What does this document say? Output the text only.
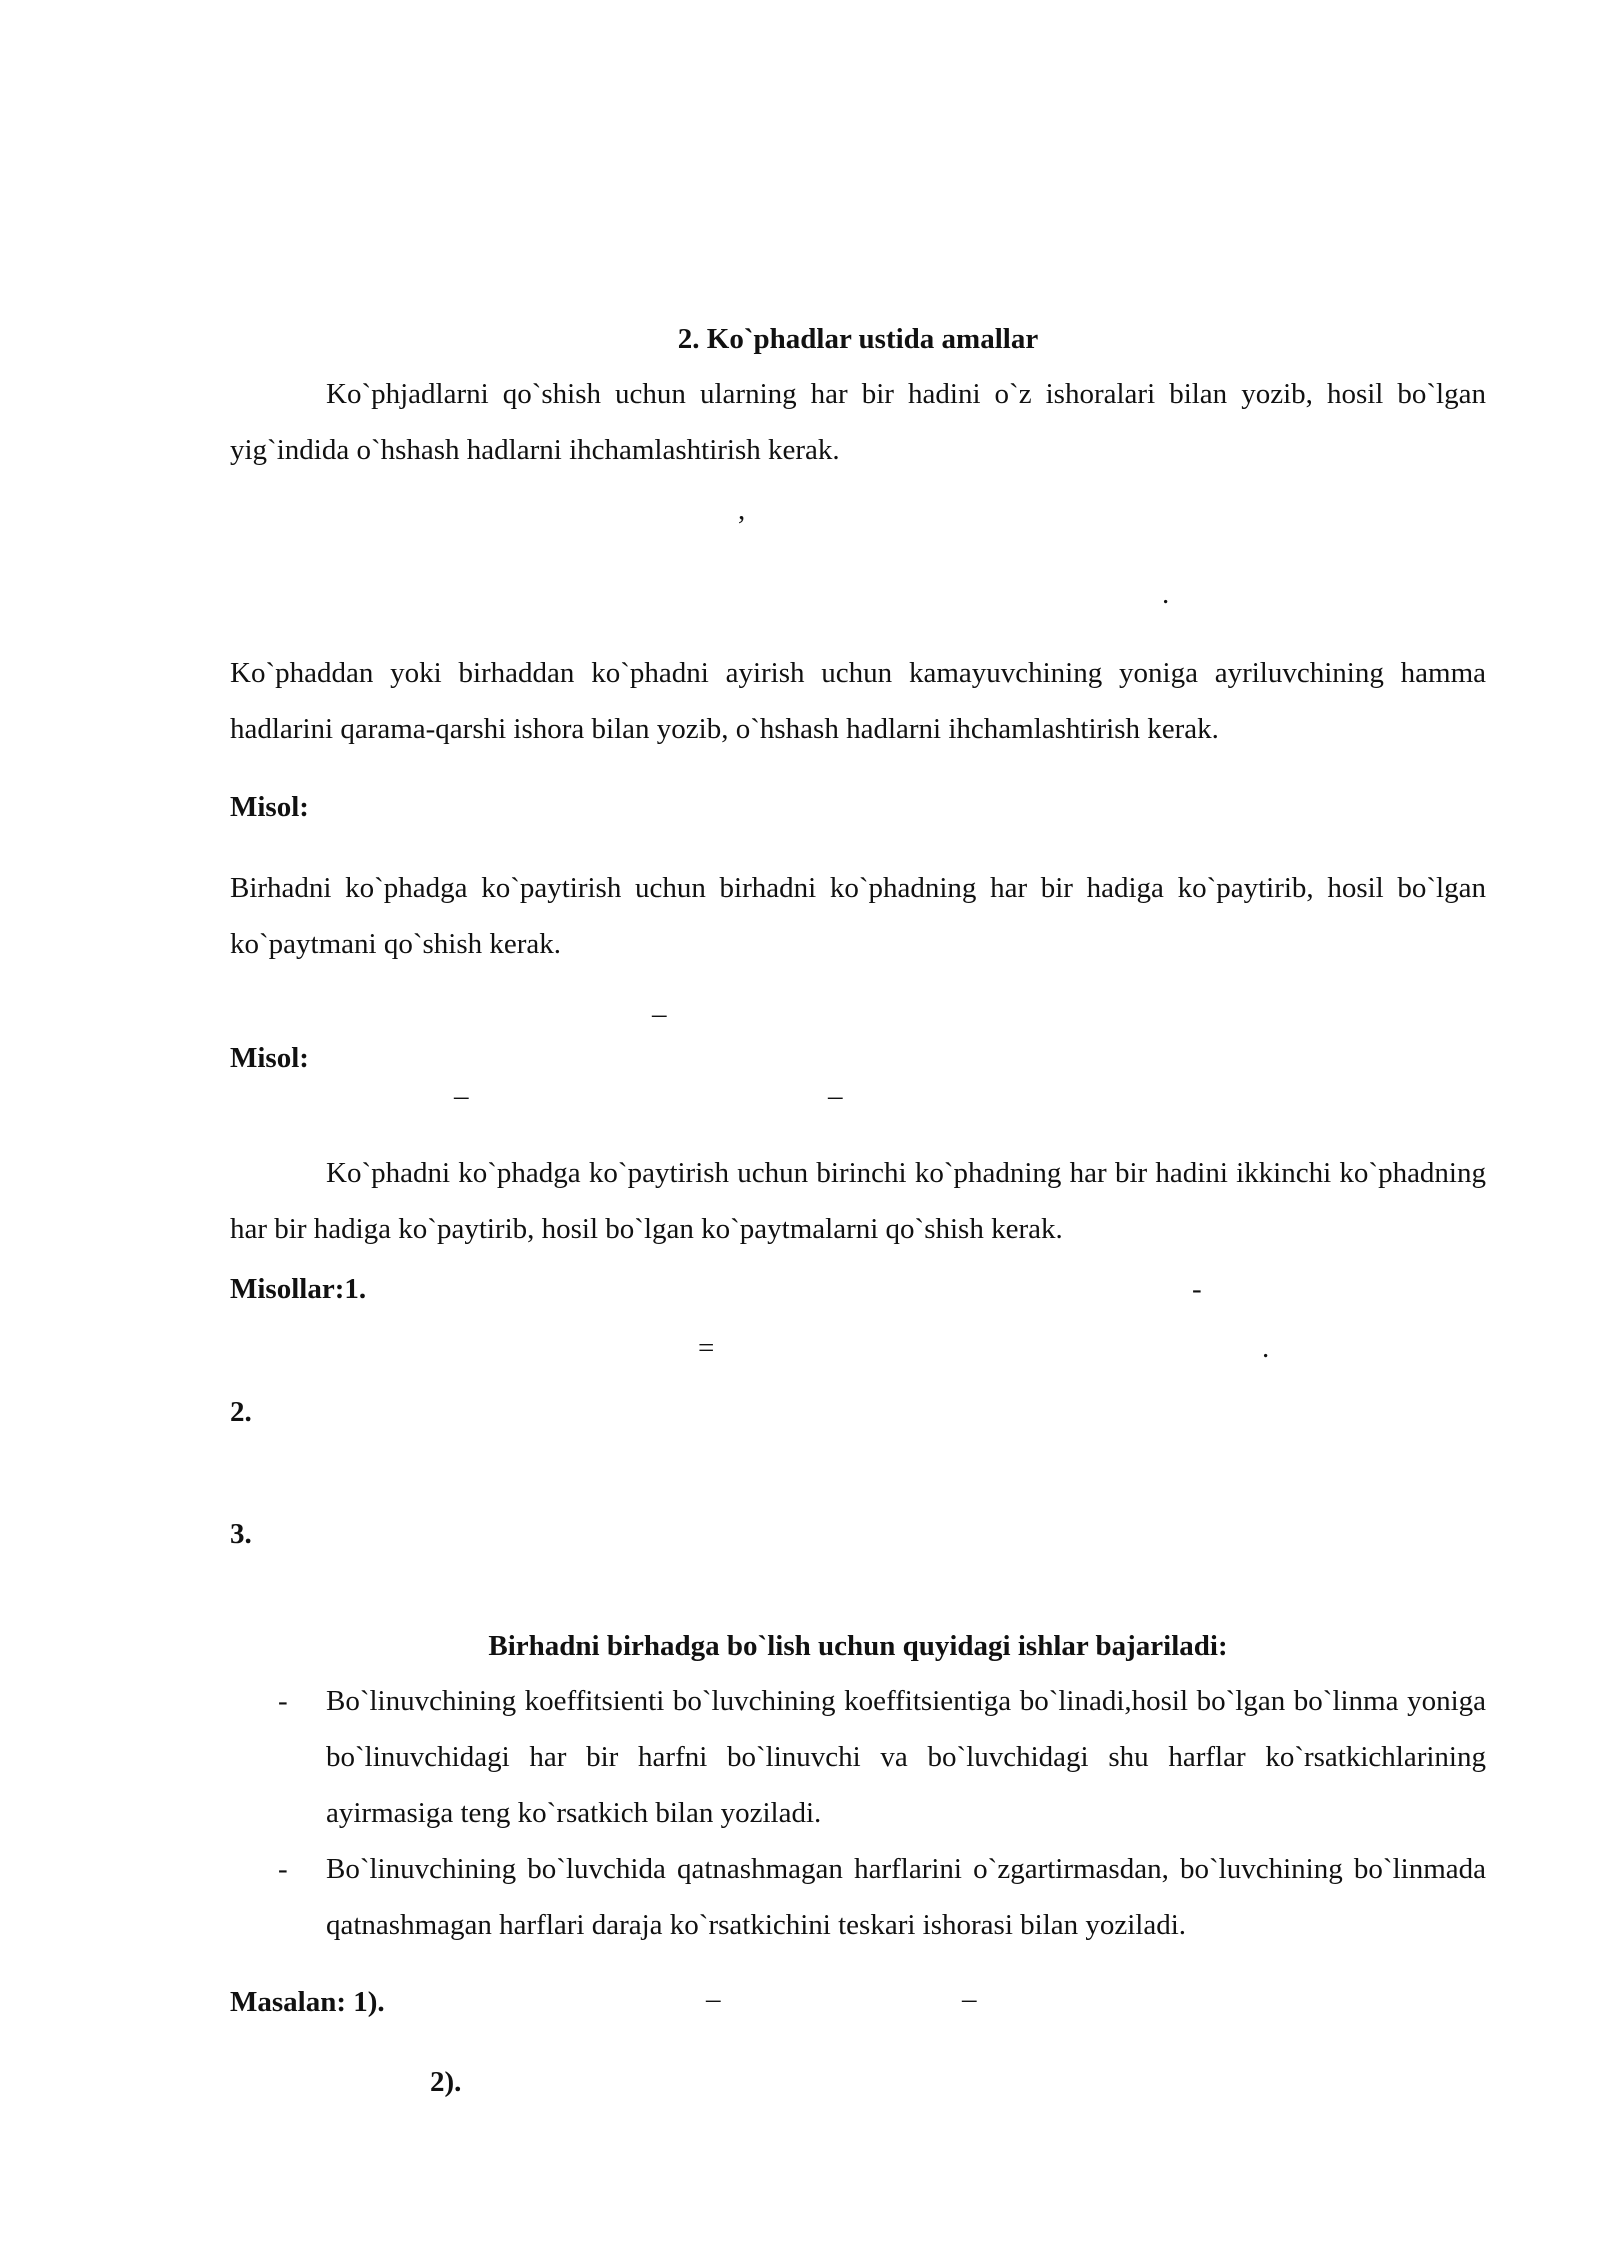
2. Ko`phadlar ustida amallar
Ko`phjadlarni qo`shish uchun ularning har bir hadini o`z ishoralari bilan yozib, hosil bo`lgan yig`indida o`hshash hadlarni ihchamlashtirish kerak.
,
.
Ko`phaddan yoki birhaddan ko`phadni ayirish uchun kamayuvchining yoniga ayriluvchining hamma hadlarini qarama-qarshi ishora bilan yozib, o`hshash hadlarni ihchamlashtirish kerak.
Misol:
Birhadni ko`phadga ko`paytirish uchun birhadni ko`phadning har bir hadiga ko`paytirib, hosil bo`lgan ko`paytmani qo`shish kerak.
–
Misol:
–	–
Ko`phadni ko`phadga ko`paytirish uchun birinchi ko`phadning har bir hadini ikkinchi ko`phadning har bir hadiga ko`paytirib, hosil bo`lgan ko`paytmalarni qo`shish kerak.
Misollar:1.	-
=	.
2.
3.
Birhadni birhadga bo`lish uchun quyidagi ishlar bajariladi:
- Bo`linuvchining koeffitsienti bo`luvchining koeffitsientiga bo`linadi,hosil bo`lgan bo`linma yoniga bo`linuvchidagi har bir harfni bo`linuvchi va bo`luvchidagi shu harflar ko`rsatkichlarining ayirmasiga teng ko`rsatkich bilan yoziladi.
- Bo`linuvchining bo`luvchida qatnashmagan harflarini o`zgartirmasdan, bo`luvchining bo`linmada qatnashmagan harflari daraja ko`rsatkichini teskari ishorasi bilan yoziladi.
Masalan: 1).	–	–
2).
